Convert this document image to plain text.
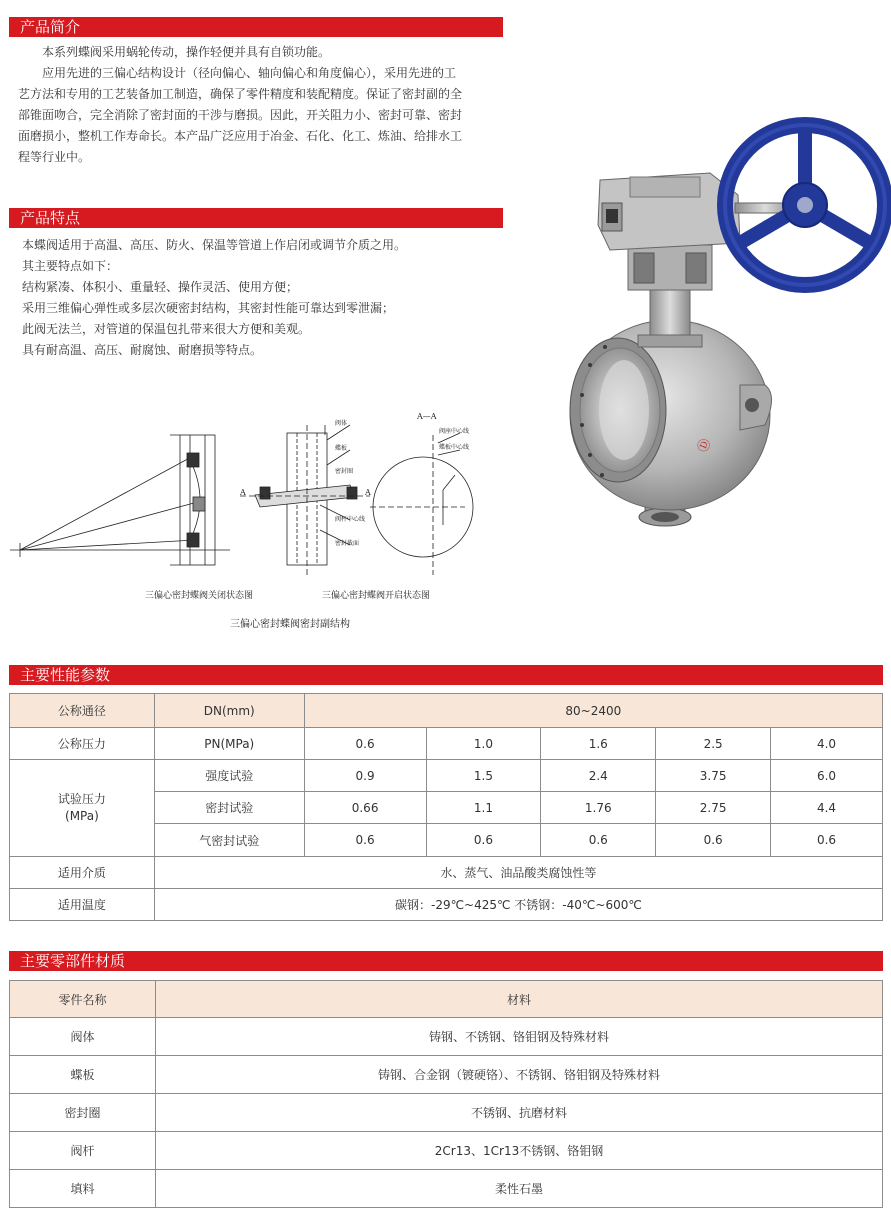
产品简介

本系列蝶阀采用蜗轮传动，操作轻便并具有自锁功能。

应用先进的三偏心结构设计（径向偏心、轴向偏心和角度偏心），采用先进的工

艺方法和专用的工艺装备加工制造，确保了零件精度和装配精度。保证了密封副的全

部锥面吻合，完全消除了密封面的干涉与磨损。因此，开关阻力小、密封可靠、密封

面磨损小，整机工作寿命长。本产品广泛应用于冶金、石化、化工、炼油、给排水工

程等行业中。

产品特点

本蝶阀适用于高温、高压、防火、保温等管道上作启闭或调节介质之用。

其主要特点如下：

结构紧凑、体积小、重量轻、操作灵活、使用方便；

采用三维偏心弹性或多层次硬密封结构，其密封性能可靠达到零泄漏；

此阀无法兰，对管道的保温包扎带来很大方便和美观。

具有耐高温、高压、耐腐蚀、耐磨损等特点。

Ⓓ
A	A
A—A
阀体
蝶板
密封圈
阀杆中心线
密封截面
阀座中心线
蝶板中心线
三偏心密封蝶阀关闭状态图	三偏心密封蝶阀开启状态图
三偏心密封蝶阀密封副结构
主要性能参数
公称通径	DN(mm)	80~2400				
公称压力	PN(MPa)	0.6	1.0	1.6	2.5	4.0
试验压力
(MPa)	强度试验	0.9	1.5	2.4	3.75	6.0
	密封试验	0.66	1.1	1.76	2.75	4.4
	气密封试验	0.6	0.6	0.6	0.6	0.6
适用介质	水、蒸气、油品酸类腐蚀性等					
适用温度	碳钢：-29℃~425℃ 不锈钢：-40℃~600℃					
主要零部件材质
零件名称	材料
阀体	铸钢、不锈钢、铬钼钢及特殊材料
蝶板	铸钢、合金钢（镀硬铬）、不锈钢、铬钼钢及特殊材料
密封圈	不锈钢、抗磨材料
阀杆	2Cr13、1Cr13不锈钢、铬钼钢
填料	柔性石墨
